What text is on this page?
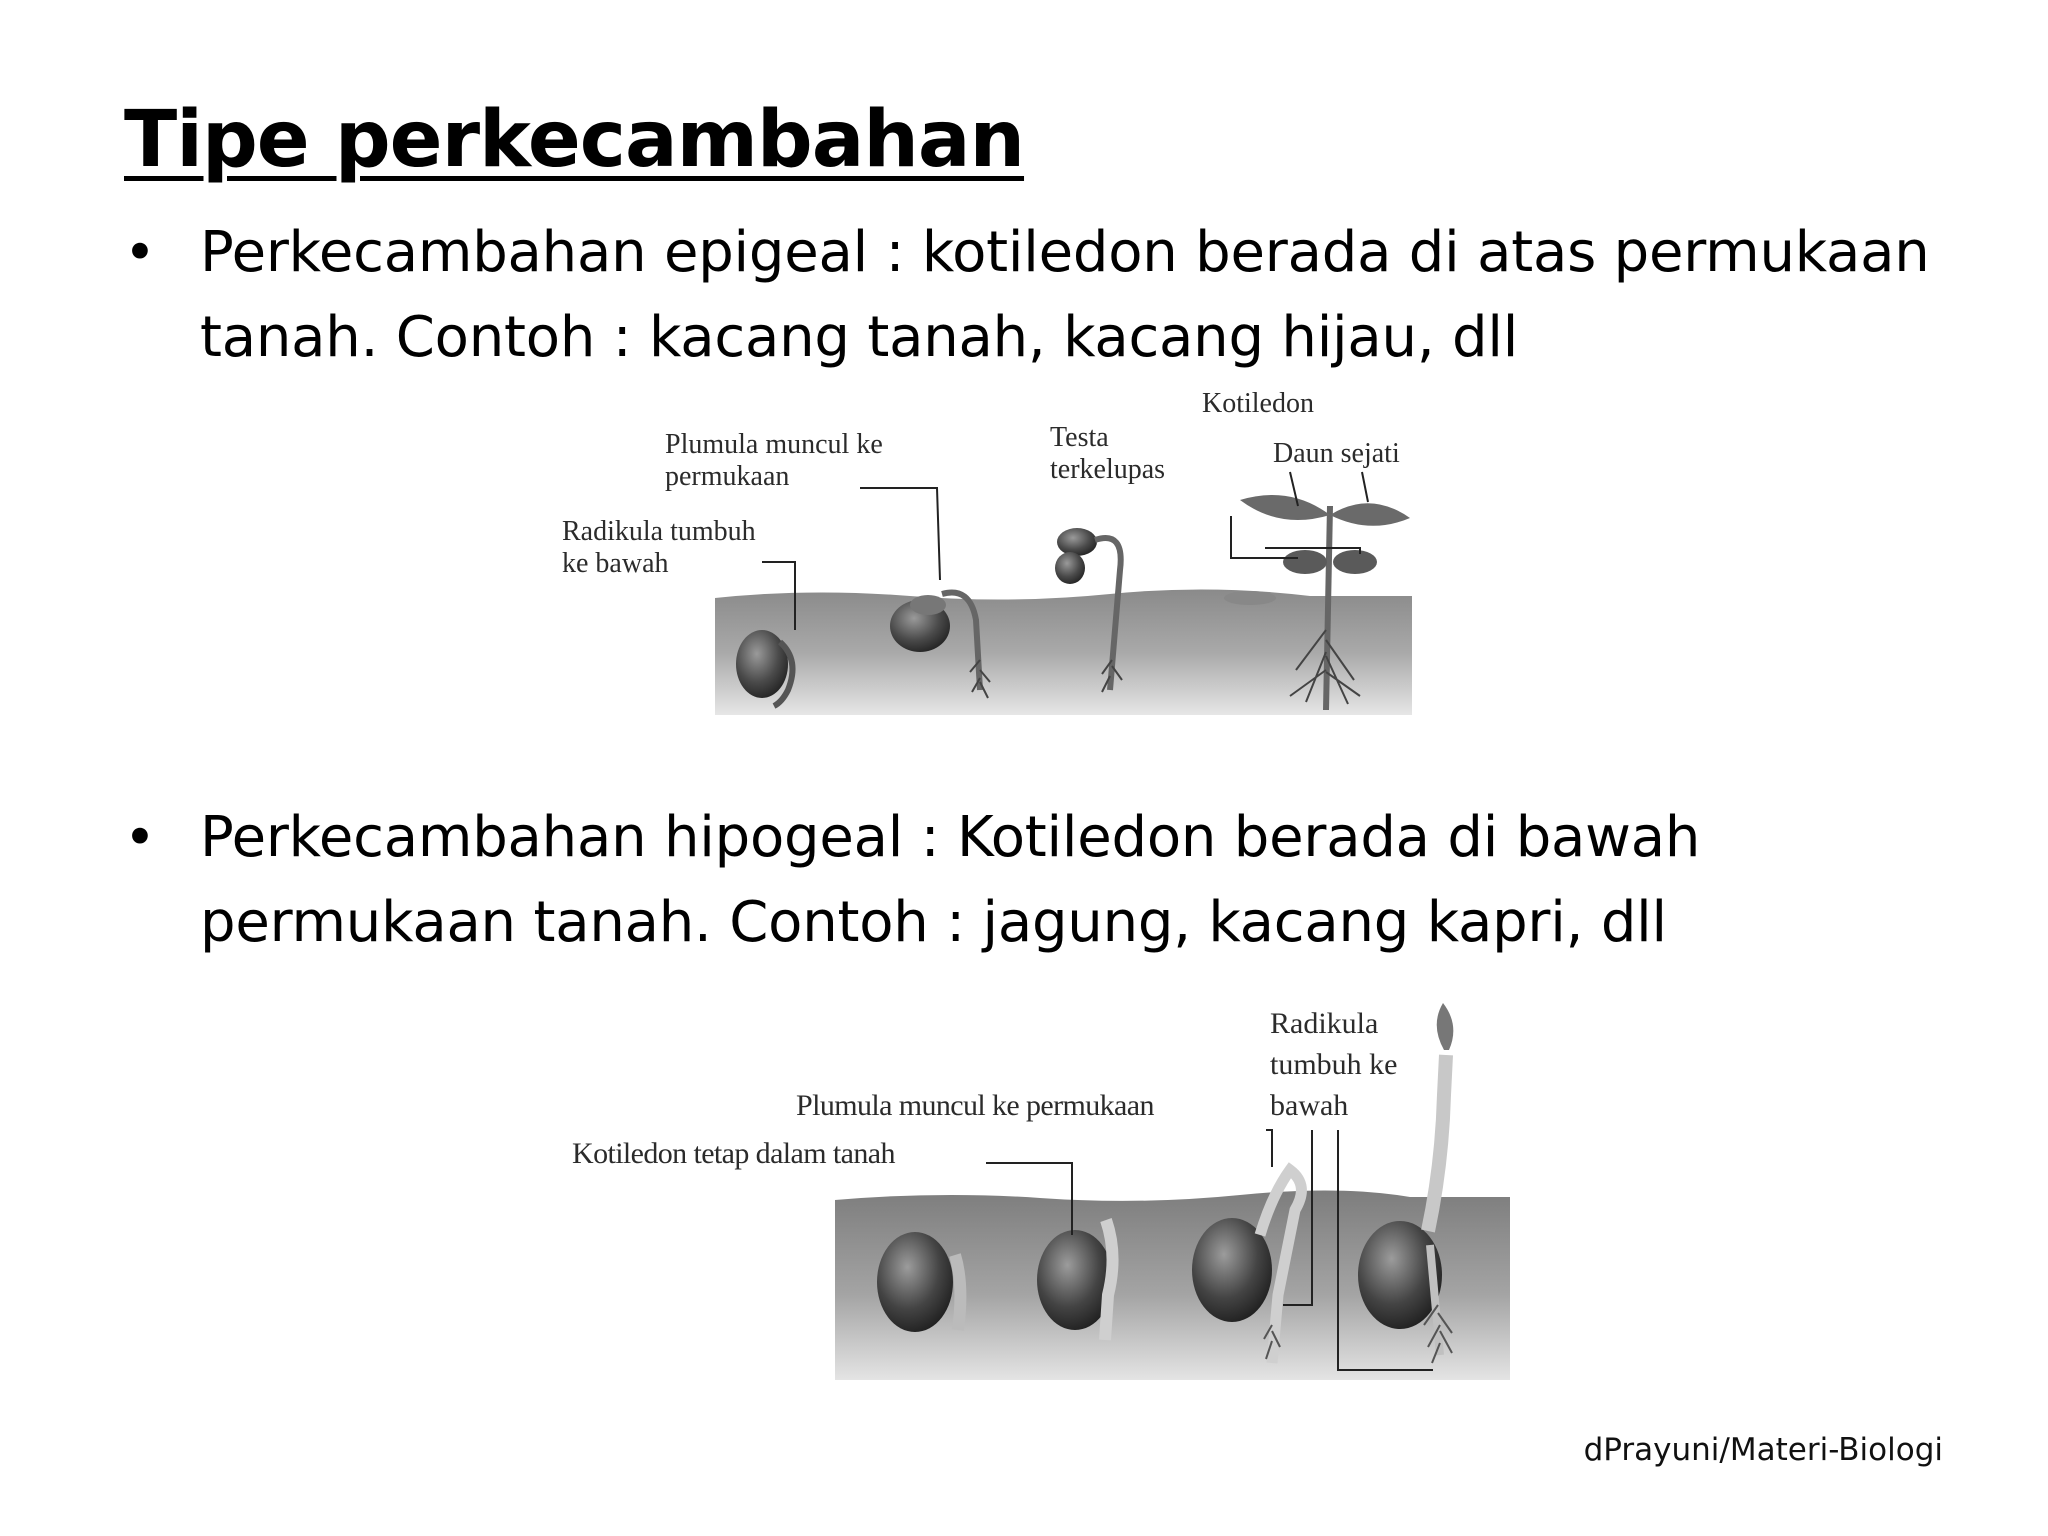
Tipe perkecambahan
• Perkecambahan epigeal : kotiledon berada di atas permukaan tanah. Contoh : kacang tanah, kacang hijau, dll
Plumula muncul ke
permukaan
Radikula tumbuh
ke bawah
Testa
terkelupas
Kotiledon
Daun sejati
• Perkecambahan hipogeal : Kotiledon berada di bawah permukaan tanah. Contoh : jagung, kacang kapri, dll
Plumula muncul ke permukaan
Kotiledon tetap dalam tanah
Radikula
tumbuh ke
bawah
dPrayuni/Materi-Biologi
